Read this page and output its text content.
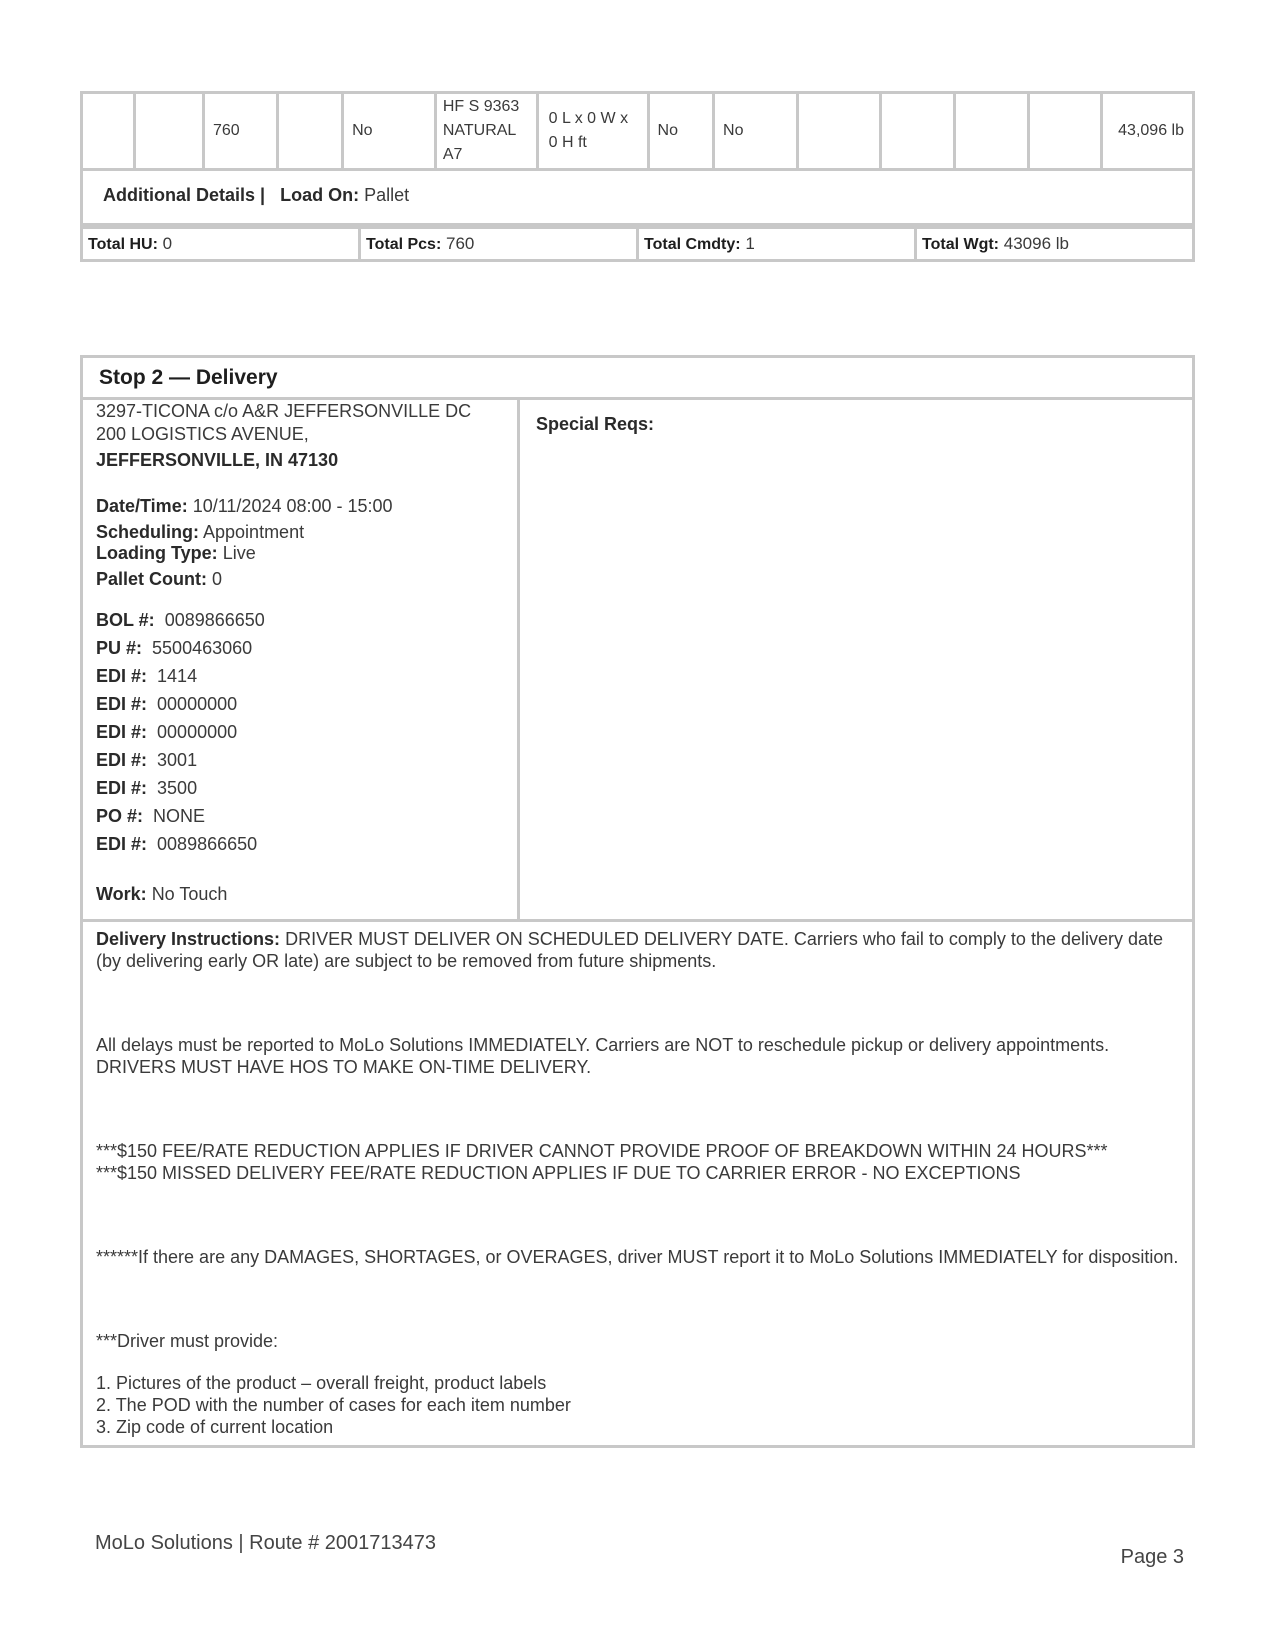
		760		No	HF S 9363 NATURAL A7	0 L x 0 W x 0 H ft	No	No					43,096 lb
Additional Details | Load On: Pallet
Total HU: 0	Total Pcs: 760	Total Cmdty: 1	Total Wgt: 43096 lb
Stop 2 — Delivery
3297-TICONA c/o A&R JEFFERSONVILLE DC
200 LOGISTICS AVENUE,
JEFFERSONVILLE, IN 47130
Date/Time: 10/11/2024 08:00 - 15:00
Scheduling: Appointment
Loading Type: Live
Pallet Count: 0
BOL #: 0089866650
PU #: 5500463060
EDI #: 1414
EDI #: 00000000
EDI #: 00000000
EDI #: 3001
EDI #: 3500
PO #: NONE
EDI #: 0089866650
Work: No Touch
Special Reqs:

Delivery Instructions: DRIVER MUST DELIVER ON SCHEDULED DELIVERY DATE. Carriers who fail to comply to the delivery date (by delivering early OR late) are subject to be removed from future shipments.

All delays must be reported to MoLo Solutions IMMEDIATELY. Carriers are NOT to reschedule pickup or delivery appointments.

DRIVERS MUST HAVE HOS TO MAKE ON-TIME DELIVERY.

***$150 FEE/RATE REDUCTION APPLIES IF DRIVER CANNOT PROVIDE PROOF OF BREAKDOWN WITHIN 24 HOURS***

***$150 MISSED DELIVERY FEE/RATE REDUCTION APPLIES IF DUE TO CARRIER ERROR - NO EXCEPTIONS

******If there are any DAMAGES, SHORTAGES, or OVERAGES, driver MUST report it to MoLo Solutions IMMEDIATELY for disposition.

***Driver must provide:

1. Pictures of the product – overall freight, product labels

2. The POD with the number of cases for each item number

3. Zip code of current location

MoLo Solutions | Route # 2001713473
Page 3
